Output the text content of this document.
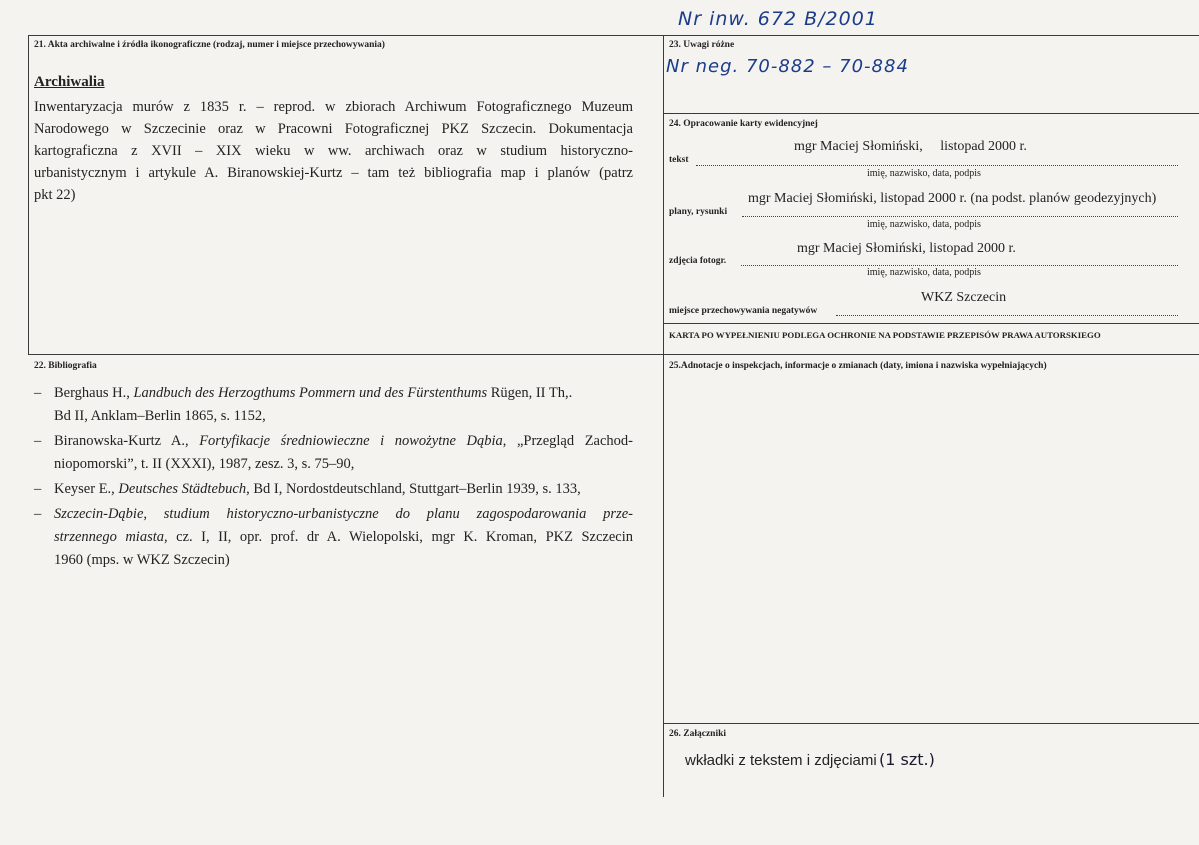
Nr inw. 672 B/2001
21. Akta archiwalne i źródła ikonograficzne (rodzaj, numer i miejsce przechowywania)
Archiwalia
Inwentaryzacja murów z 1835 r. – reprod. w zbiorach Archiwum Fotograficznego Muzeum
Narodowego w Szczecinie oraz w Pracowni Fotograficznej PKZ Szczecin. Dokumentacja
kartograficzna z XVII – XIX wieku w ww. archiwach oraz w studium historyczno-
urbanistycznym i artykule A. Biranowskiej-Kurtz – tam też bibliografia map i planów (patrz
pkt 22)
22. Bibliografia
– Berghaus H., Landbuch des Herzogthums Pommern und des Fürstenthums Rügen, II Th,.
Bd II, Anklam–Berlin 1865, s. 1152,
– Biranowska-Kurtz A., Fortyfikacje średniowieczne i nowożytne Dąbia, „Przegląd Zachod-
niopomorski”, t. II (XXXI), 1987, zesz. 3, s. 75–90,
– Keyser E., Deutsches Städtebuch, Bd I, Nordostdeutschland, Stuttgart–Berlin 1939, s. 133,
– Szczecin-Dąbie, studium historyczno-urbanistyczne do planu zagospodarowania prze-
strzennego miasta, cz. I, II, opr. prof. dr A. Wielopolski, mgr K. Kroman, PKZ Szczecin
1960 (mps. w WKZ Szczecin)
23. Uwagi różne
Nr neg. 70-882 – 70-884
24. Opracowanie karty ewidencyjnej
mgr Maciej Słomiński,     listopad 2000 r.
tekst
imię, nazwisko, data, podpis
mgr Maciej Słomiński, listopad 2000 r. (na podst. planów geodezyjnych)
plany, rysunki
imię, nazwisko, data, podpis
mgr Maciej Słomiński, listopad 2000 r.
zdjęcia fotogr.
imię, nazwisko, data, podpis
WKZ Szczecin
miejsce przechowywania negatywów
KARTA PO WYPEŁNIENIU PODLEGA OCHRONIE NA PODSTAWIE PRZEPISÓW PRAWA AUTORSKIEGO
25.Adnotacje o inspekcjach, informacje o zmianach (daty, imiona i nazwiska wypełniających)
26. Załączniki
wkładki z tekstem i zdjęciami (1 szt.)
